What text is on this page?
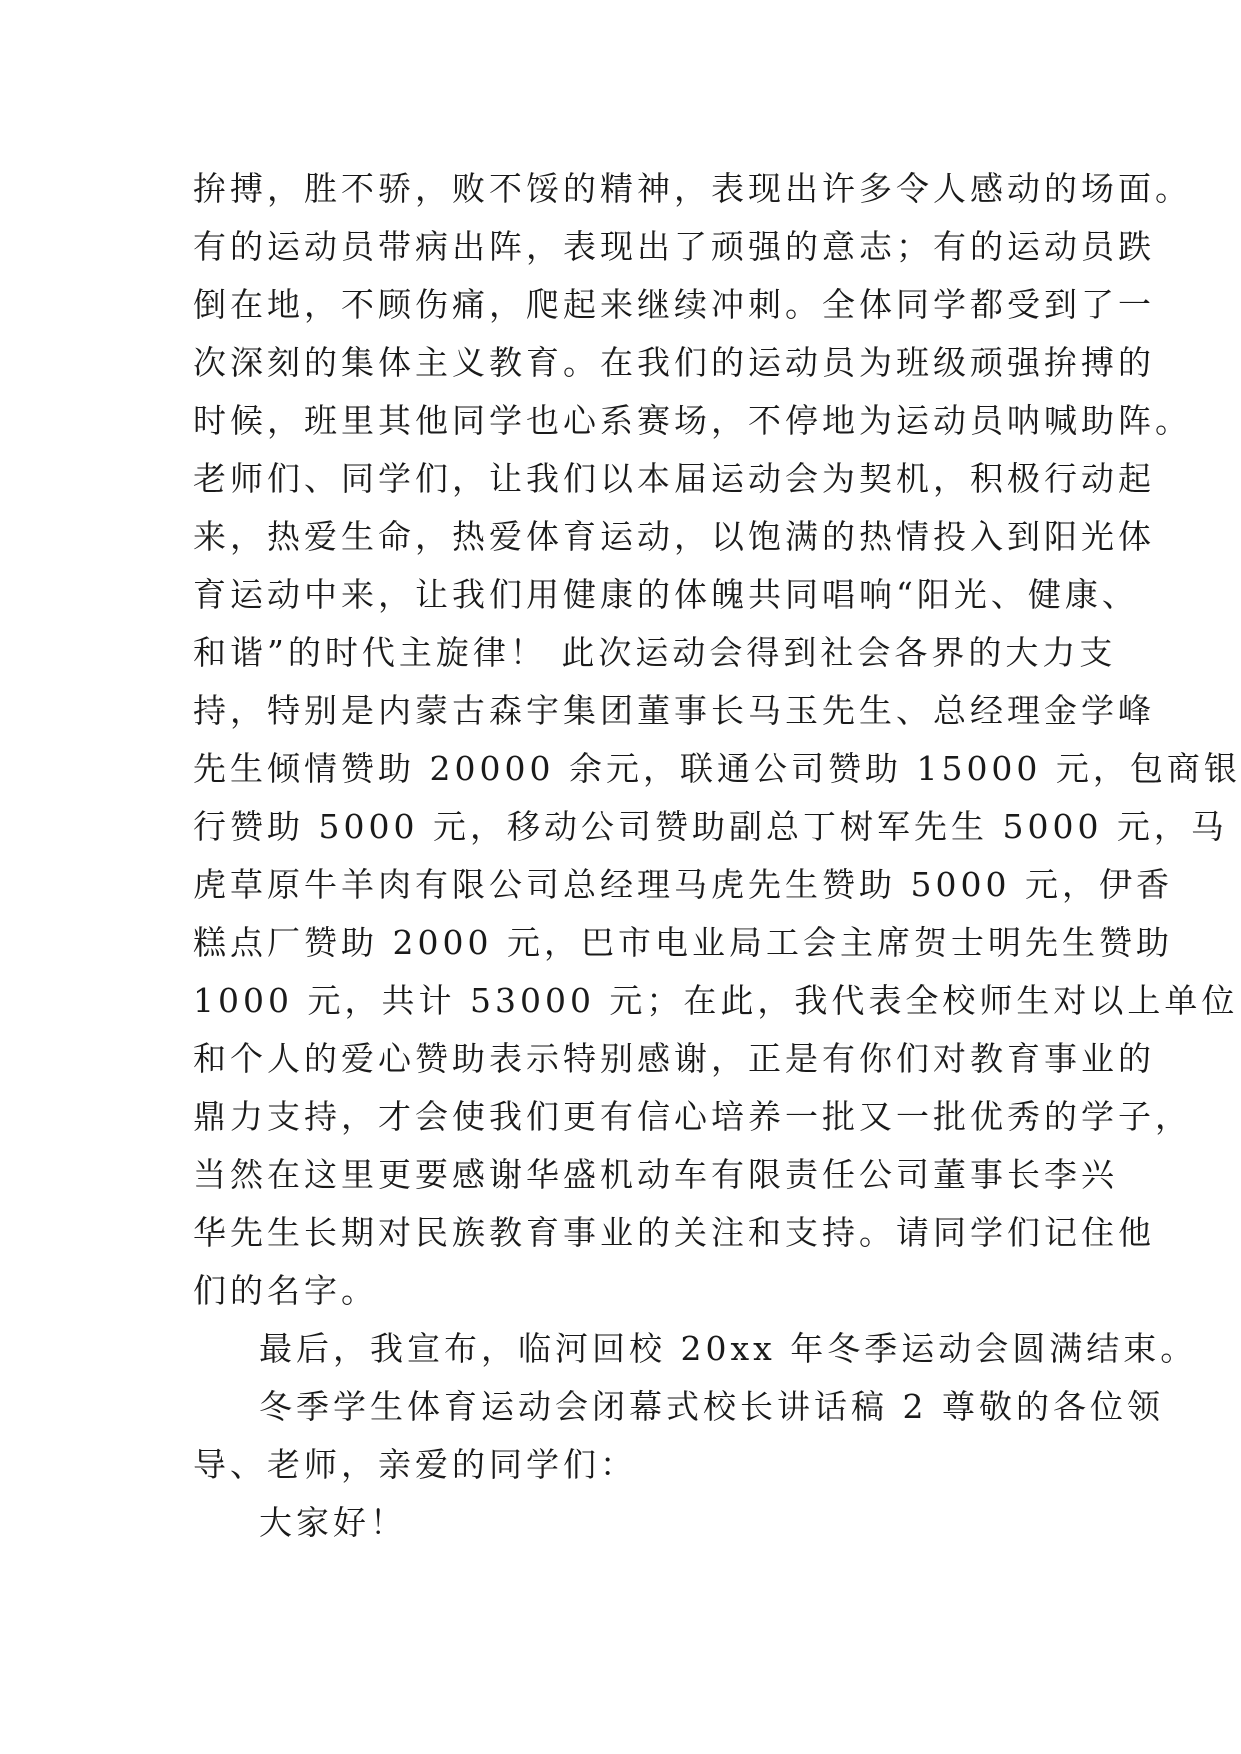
拚搏，胜不骄，败不馁的精神，表现出许多令人感动的场面。
有的运动员带病出阵，表现出了顽强的意志；有的运动员跌
倒在地，不顾伤痛，爬起来继续冲刺。全体同学都受到了一
次深刻的集体主义教育。在我们的运动员为班级顽强拚搏的
时候，班里其他同学也心系赛场，不停地为运动员呐喊助阵。
老师们、同学们，让我们以本届运动会为契机，积极行动起
来，热爱生命，热爱体育运动，以饱满的热情投入到阳光体
育运动中来，让我们用健康的体魄共同唱响“阳光、健康、
和谐”的时代主旋律！ 此次运动会得到社会各界的大力支
持，特别是内蒙古森宇集团董事长马玉先生、总经理金学峰
先生倾情赞助 20000 余元，联通公司赞助 15000 元，包商银
行赞助 5000 元，移动公司赞助副总丁树军先生 5000 元，马
虎草原牛羊肉有限公司总经理马虎先生赞助 5000 元，伊香
糕点厂赞助 2000 元，巴市电业局工会主席贺士明先生赞助
1000 元，共计 53000 元；在此，我代表全校师生对以上单位
和个人的爱心赞助表示特别感谢，正是有你们对教育事业的
鼎力支持，才会使我们更有信心培养一批又一批优秀的学子，
当然在这里更要感谢华盛机动车有限责任公司董事长李兴
华先生长期对民族教育事业的关注和支持。请同学们记住他
们的名字。
最后，我宣布，临河回校 20xx 年冬季运动会圆满结束。
冬季学生体育运动会闭幕式校长讲话稿 2 尊敬的各位领
导、老师，亲爱的同学们：
大家好！
